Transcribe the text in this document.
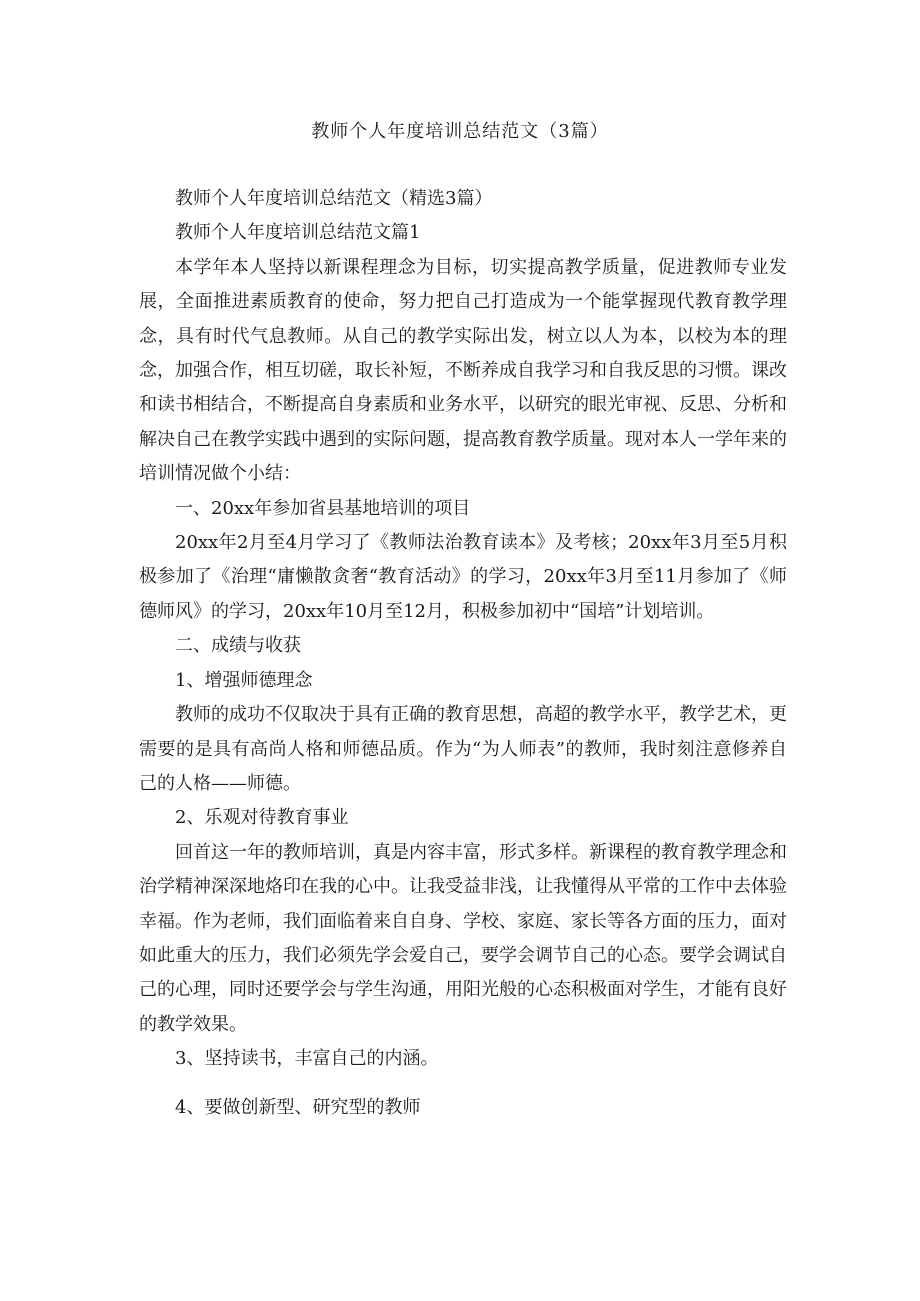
教师个人年度培训总结范文（3篇）

教师个人年度培训总结范文（精选3篇）

教师个人年度培训总结范文篇1

本学年本人坚持以新课程理念为目标，切实提高教学质量，促进教师专业发展，全面推进素质教育的使命，努力把自己打造成为一个能掌握现代教育教学理念，具有时代气息教师。从自己的教学实际出发，树立以人为本，以校为本的理念，加强合作，相互切磋，取长补短，不断养成自我学习和自我反思的习惯。课改和读书相结合，不断提高自身素质和业务水平，以研究的眼光审视、反思、分析和解决自己在教学实践中遇到的实际问题，提高教育教学质量。现对本人一学年来的培训情况做个小结：

一、20xx年参加省县基地培训的项目

20xx年2月至4月学习了《教师法治教育读本》及考核；20xx年3月至5月积极参加了《治理“庸懒散贪奢“教育活动》的学习，20xx年3月至11月参加了《师德师风》的学习，20xx年10月至12月，积极参加初中“国培”计划培训。

二、成绩与收获

1、增强师德理念

教师的成功不仅取决于具有正确的教育思想，高超的教学水平，教学艺术，更需要的是具有高尚人格和师德品质。作为“为人师表”的教师，我时刻注意修养自己的人格——师德。

2、乐观对待教育事业

回首这一年的教师培训，真是内容丰富，形式多样。新课程的教育教学理念和治学精神深深地烙印在我的心中。让我受益非浅，让我懂得从平常的工作中去体验幸福。作为老师，我们面临着来自自身、学校、家庭、家长等各方面的压力，面对如此重大的压力，我们必须先学会爱自己，要学会调节自己的心态。要学会调试自己的心理，同时还要学会与学生沟通，用阳光般的心态积极面对学生，才能有良好的教学效果。

3、坚持读书，丰富自己的内涵。

4、要做创新型、研究型的教师
